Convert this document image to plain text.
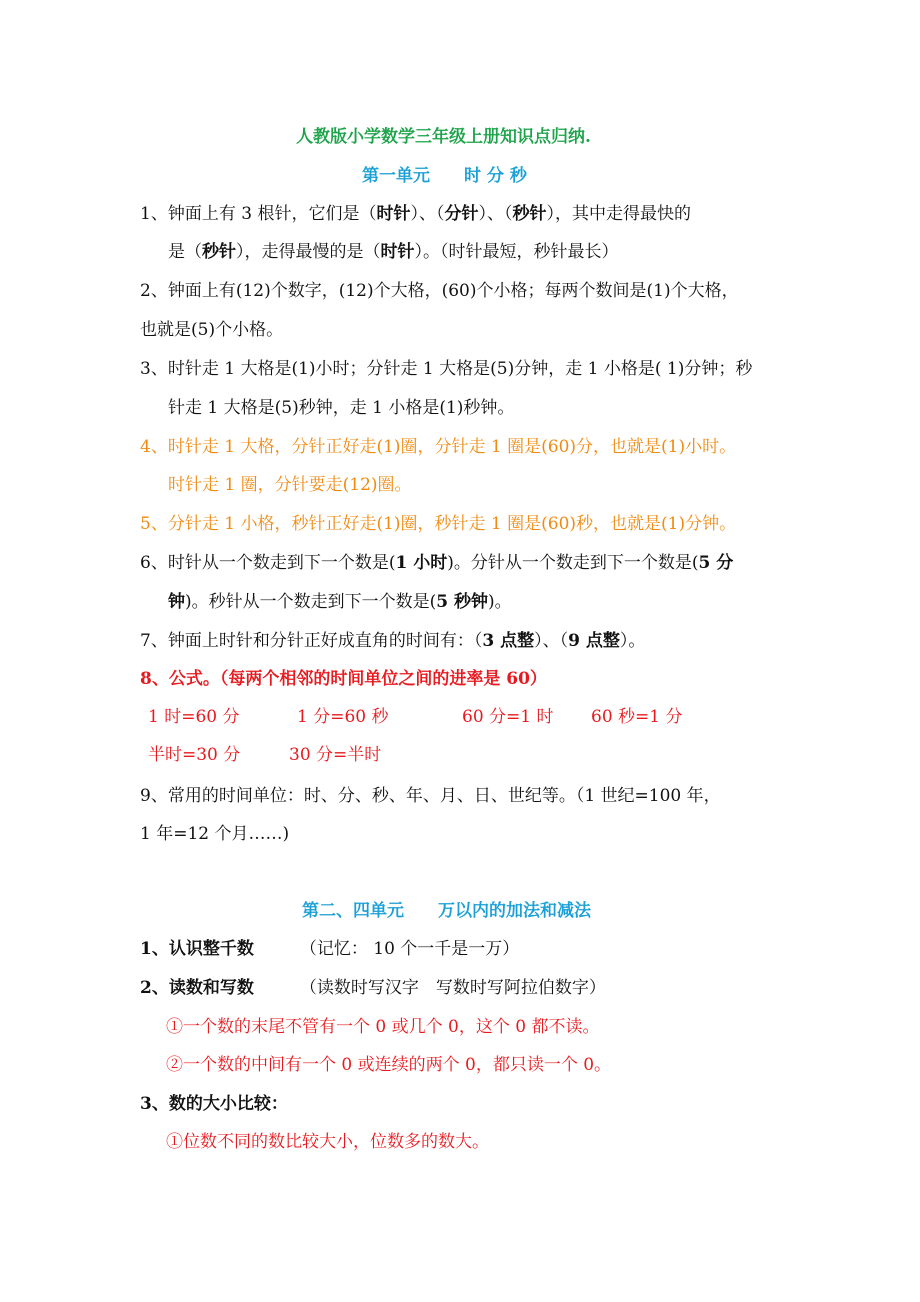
人教版小学数学三年级上册知识点归纳.
第一单元　　时 分 秒
1、钟面上有 3 根针，它们是（时针）、（分针）、（秒针），其中走得最快的
是（秒针），走得最慢的是（时针）。（时针最短，秒针最长）
2、钟面上有(12)个数字，(12)个大格，(60)个小格；每两个数间是(1)个大格，
也就是(5)个小格。
3、时针走 1 大格是(1)小时；分针走 1 大格是(5)分钟，走 1 小格是( 1)分钟；秒
针走 1 大格是(5)秒钟，走 1 小格是(1)秒钟。
4、时针走 1 大格，分针正好走(1)圈，分针走 1 圈是(60)分，也就是(1)小时。
时针走 1 圈，分针要走(12)圈。
5、分针走 1 小格，秒针正好走(1)圈，秒针走 1 圈是(60)秒，也就是(1)分钟。
6、时针从一个数走到下一个数是(1 小时)。分针从一个数走到下一个数是(5 分
钟)。秒针从一个数走到下一个数是(5 秒钟)。
7、钟面上时针和分针正好成直角的时间有：（3 点整）、（9 点整）。
8、公式。（每两个相邻的时间单位之间的进率是 60）
1 时=60 分	1 分=60 秒	60 分=1 时 60 秒=1 分
半时=30 分	30 分=半时
9、常用的时间单位：时、分、秒、年、月、日、世纪等。（1 世纪=100 年，
1 年=12 个月……)
第二、四单元　　万以内的加法和减法
1、认识整千数	（记忆： 10 个一千是一万）
2、读数和写数	（读数时写汉字　写数时写阿拉伯数字）
①一个数的末尾不管有一个 0 或几个 0，这个 0 都不读。
②一个数的中间有一个 0 或连续的两个 0，都只读一个 0。
3、数的大小比较：
①位数不同的数比较大小，位数多的数大。
